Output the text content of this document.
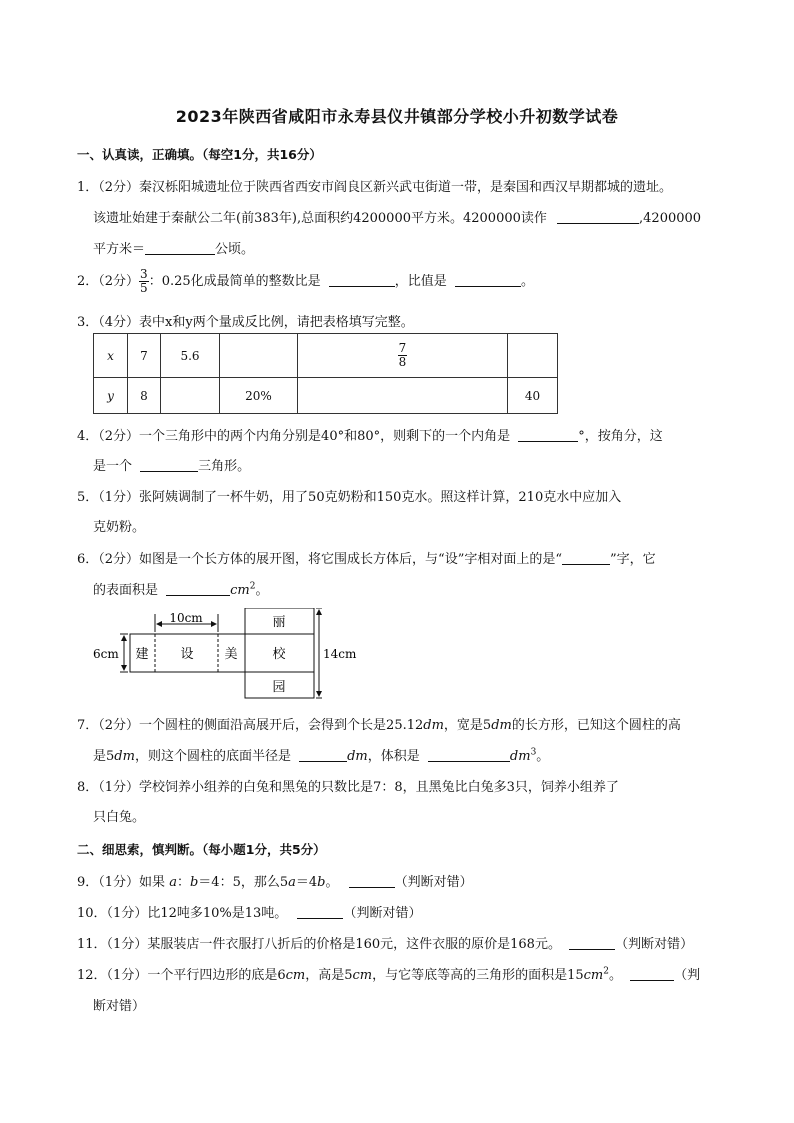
2023年陕西省咸阳市永寿县仪井镇部分学校小升初数学试卷
一、认真读，正确填。（每空1分，共16分）
1．（2分）秦汉栎阳城遗址位于陕西省西安市阎良区新兴武屯街道一带，是秦国和西汉早期都城的遗址。
该遗址始建于秦献公二年(前383年),总面积约4200000平方米。4200000读作	,4200000
平方米＝	公顷。
2．（2分） $\frac{3}{5}$ ：0.25化成最简单的整数比是	，比值是	。
3．（4分）表中x和y两个量成反比例，请把表格填写完整。
x	7	5.6		$\frac{7}{8}$

y	8		20%		40
4．（2分）一个三角形中的两个内角分别是40°和80°，则剩下的一个内角是	°，按角分，这
是一个	三角形。
5．（1分）张阿姨调制了一杯牛奶，用了50克奶粉和150克水。照这样计算，210克水中应加入
克奶粉。
6．（2分）如图是一个长方体的展开图，将它围成长方体后，与“设”字相对面上的是“	”字，它
的表面积是	$cm^2$。
10cm
6cm	14cm
建 设 美	校
丽
园
7．（2分）一个圆柱的侧面沿高展开后，会得到个长是25.12dm，宽是5dm的长方形，已知这个圆柱的高
是5dm，则这个圆柱的底面半径是	dm，体积是	$dm^3$。
8．（1分）学校饲养小组养的白兔和黑兔的只数比是7：8，且黑兔比白兔多3只，饲养小组养了
只白兔。
二、细思索，慎判断。（每小题1分，共5分）
9．（1分）如果 a：b＝4：5，那么5a＝4b。	（判断对错）
10．（1分）比12吨多10%是13吨。	（判断对错）
11．（1分）某服装店一件衣服打八折后的价格是160元，这件衣服的原价是168元。	（判断对错）
12．（1分）一个平行四边形的底是6cm，高是5cm，与它等底等高的三角形的面积是$15cm^2$。	（判
断对错）
